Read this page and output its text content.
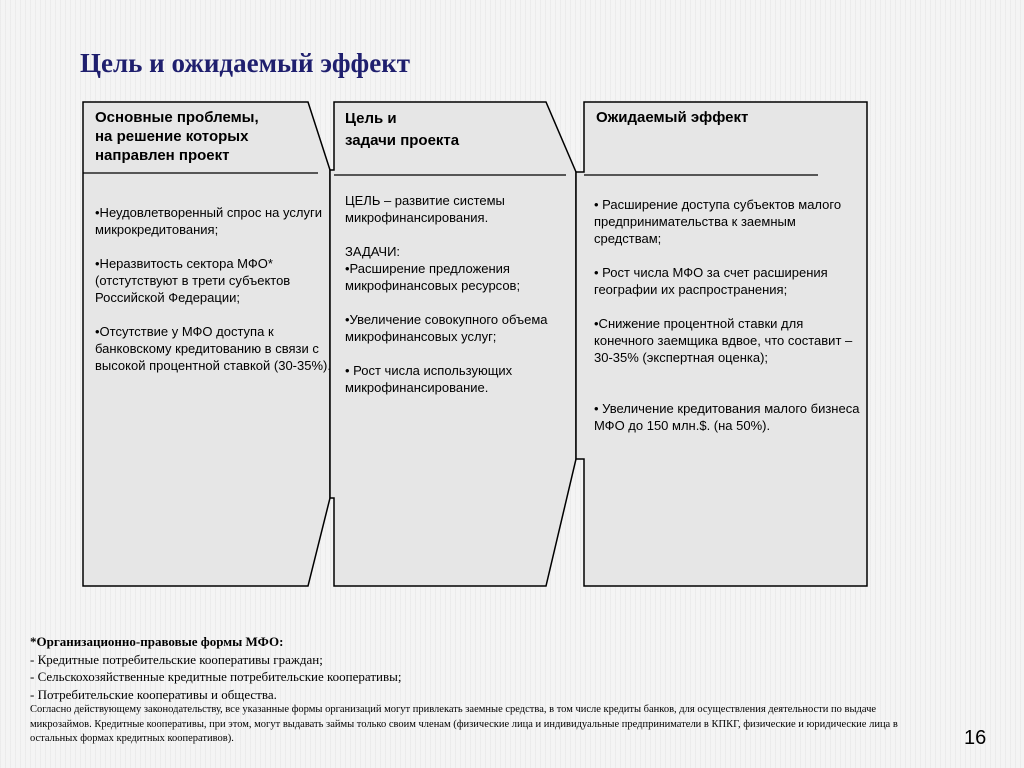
Цель и ожидаемый эффект
Основные проблемы,
на решение которых
направлен проект

•Неудовлетворенный спрос на услуги микрокредитования;

•Неразвитость сектора МФО* (отстутствуют в трети субъектов Российской Федерации;

•Отсутствие у МФО доступа к банковскому кредитованию в связи с высокой процентной ставкой (30-35%).

Цель и
задачи проекта

ЦЕЛЬ – развитие системы микрофинансирования.

ЗАДАЧИ:

•Расширение предложения микрофинансовых ресурсов;

•Увеличение совокупного объема микрофинансовых услуг;

• Рост числа использующих микрофинансирование.

Ожидаемый эффект

• Расширение доступа субъектов малого предпринимательства к заемным средствам;

• Рост числа МФО за счет расширения географии их распространения;

•Снижение процентной ставки для конечного заемщика вдвое, что составит – 30-35% (экспертная оценка);

• Увеличение кредитования малого бизнеса МФО до 150 млн.$. (на 50%).

*Организационно-правовые формы МФО:
- Кредитные потребительские кооперативы граждан;
- Сельскохозяйственные кредитные потребительские кооперативы;
- Потребительские кооперативы и общества.
Согласно действующему законодательству, все указанные формы организаций могут привлекать заемные средства, в том числе кредиты банков, для осуществления деятельности по выдаче микрозаймов. Кредитные кооперативы, при этом, могут выдавать займы только своим членам (физические лица и индивидуальные предприниматели в КПКГ, физические и юридические лица в остальных формах кредитных кооперативов).	16
